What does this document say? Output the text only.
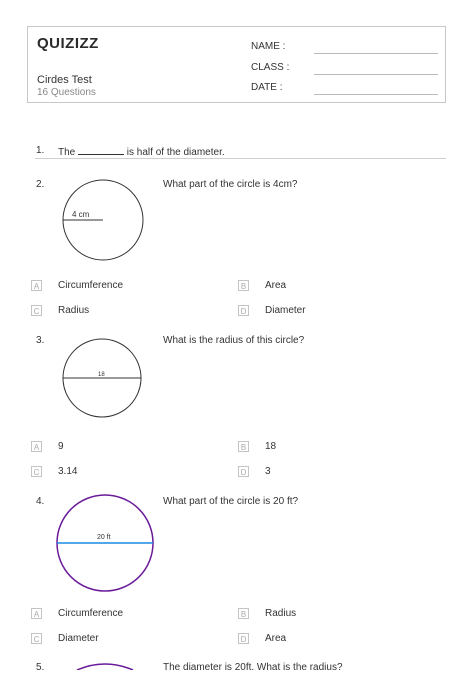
QUIZIZZ
Cirdes Test
16 Questions
NAME :
CLASS :
DATE :
1. The	is half of the diameter.
2.
4 cm
What part of the circle is 4cm?
A Circumference	B Area
C Radius	D Diameter
3.
18
What is the radius of this circle?
A 9	B 18
C 3.14	D 3
4.
20 ft
What part of the circle is 20 ft?
A Circumference	B Radius
C Diameter	D Area
5.	The diameter is 20ft. What is the radius?
